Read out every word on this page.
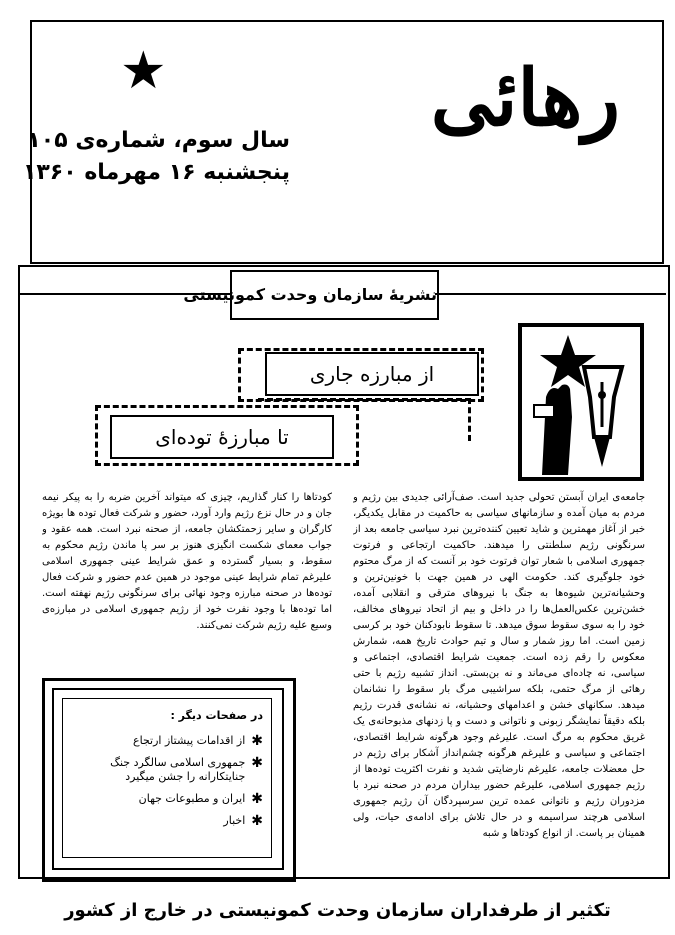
★	رهائی
سال سوم، شماره‌ی ۱۰۵
پنجشنبه ۱۶ مهرماه ۱۳۶۰
نشریهٔ سازمان وحدت کمونیستی
از مبارزه جاری
تا مبارزهٔ توده‌ای
جامعه‌ی ایران آبستن تحولی جدید است. صف‌آرائی جدیدی بین رژیم و مردم به میان آمده و سازمانهای سیاسی به حاکمیت در مقابل یکدیگر، خبر از آغاز مهمترین و شاید تعیین کننده‌ترین نبرد سیاسی جامعه بعد از سرنگونی رژیم سلطنتی را میدهند. حاکمیت ارتجاعی و فرتوت جمهوری اسلامی با شعار توان فرتوت خود بر آنست که از مرگ محتوم خود جلوگیری کند. حکومت الهی در همین جهت با خونین‌ترین و وحشیانه‌ترین شیوه‌ها به جنگ با نیروهای مترقی و انقلابی آمده، خشن‌ترین عکس‌العمل‌ها را در داخل و بیم از اتحاد نیروهای مخالف، خود را به سوی سقوط سوق میدهد. تا سقوط نابودکنان خود بر کرسی زمین است. اما روز شمار و سال و تیم حوادث تاریخ همه، شمارش معکوس را رقم زده است. جمعیت شرایط اقتصادی، اجتماعی و سیاسی، نه چاده‌ای می‌ماند و نه بن‌بستی. انداز تشبیه رژیم با حتی رهائی از مرگ حتمی، بلکه سراشیبی مرگ بار سقوط را نشانمان میدهد. سکانهای خشن و اعدامهای وحشیانه، نه نشانه‌ی قدرت رژیم بلکه دقیقاً نمایشگر زبونی و ناتوانی و دست و پا زدنهای مذبوحانه‌ی یک غریق محکوم به مرگ است. علیرغم وجود هرگونه شرایط اقتصادی، اجتماعی و سیاسی و علیرغم هرگونه چشم‌انداز آشکار برای رژیم در حل معضلات جامعه، علیرغم نارضایتی شدید و نفرت اکثریت توده‌ها از رژیم جمهوری اسلامی، علیرغم حضور بیداران مردم در صحنه نبرد با مزدوران رژیم و ناتوانی عمده ترین سرسپردگان آن رژیم جمهوری اسلامی هرچند سراسیمه و در حال تلاش برای ادامه‌ی حیات، ولی همینان بر پاست. از انواع کودتاها و شبه
کودتاها را کنار گذاریم، چیزی که میتواند آخرین ضربه را به پیکر نیمه جان و در حال نزع رژیم وارد آورد، حضور و شرکت فعال توده ها بویژه کارگران و سایر زحمتکشان جامعه، از صحنه نبرد است. همه عقود و جواب معمای شکست انگیزی هنوز بر سر پا ماندن رژیم محکوم به سقوط، و بسیار گسترده و عمق شرایط عینی جمهوری اسلامی علیرغم تمام شرایط عینی موجود در همین عدم حضور و شرکت فعال توده‌ها در صحنه مبارزه وجود نهائی برای سرنگونی رژیم نهفته است. اما توده‌ها با وجود نفرت خود از رژیم جمهوری اسلامی در مبارزه‌ی وسیع علیه رژیم شرکت نمی‌کنند.
در صفحات دیگر :
✱
از اقدامات پیشتاز ارتجاع
✱
جمهوری اسلامی سالگرد جنگ جنایتکارانه را جشن میگیرد
✱
ایران و مطبوعات جهان
✱
اخبار
تکثیر از طرفداران سازمان وحدت کمونیستی در خارج از کشور
